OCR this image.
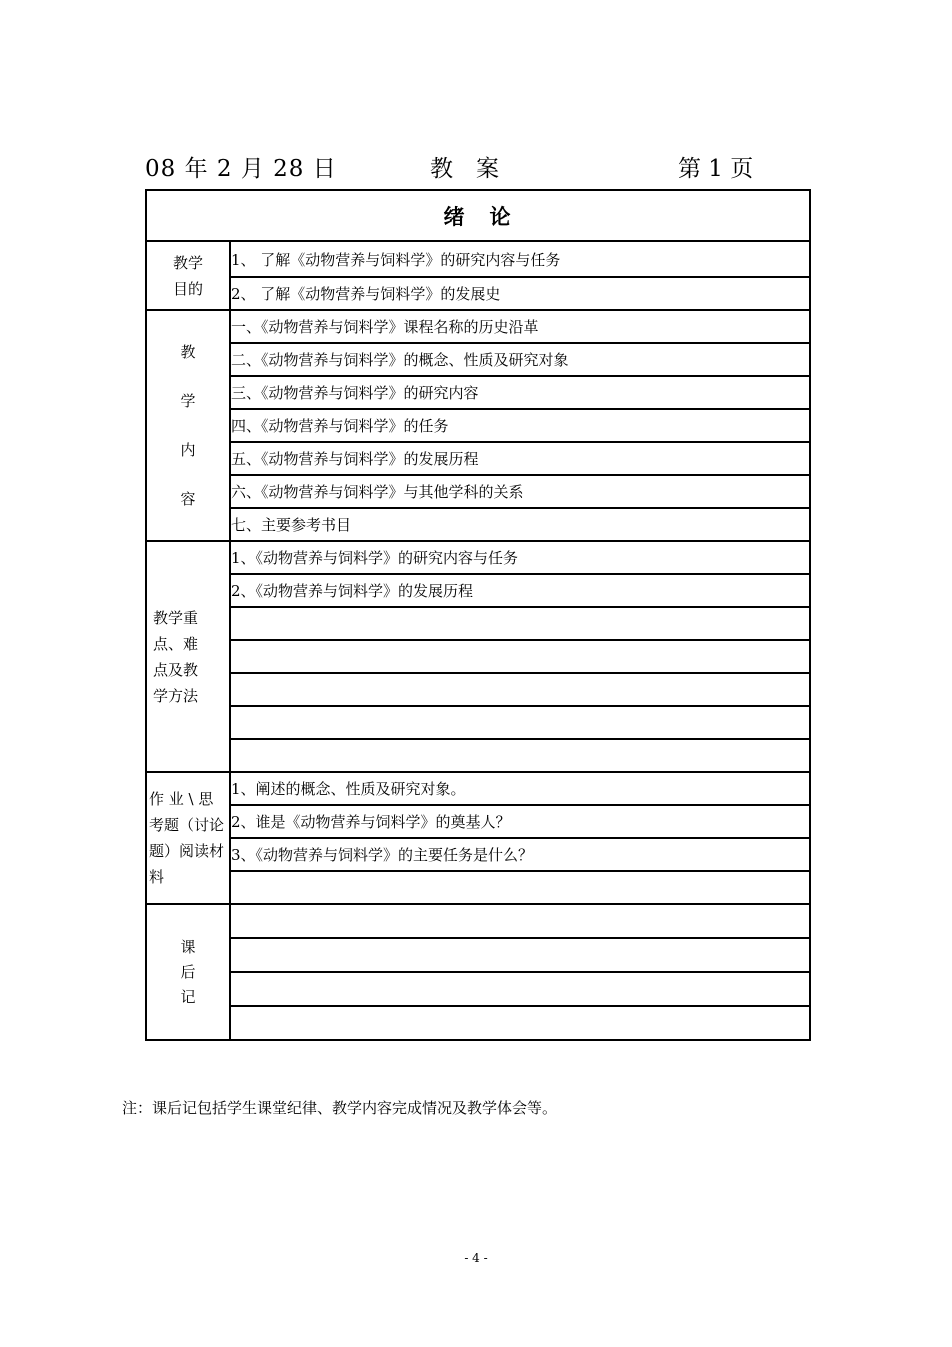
08 年 2 月 28 日	教　案	第 1 页
绪　论	

教学目的	1、 了解《动物营养与饲料学》的研究内容与任务
	2、 了解《动物营养与饲料学》的发展史

教
学
内
容	一、《动物营养与饲料学》课程名称的历史沿革
	二、《动物营养与饲料学》的概念、性质及研究对象
	三、《动物营养与饲料学》的研究内容
	四、《动物营养与饲料学》的任务
	五、《动物营养与饲料学》的发展历程
	六、《动物营养与饲料学》与其他学科的关系
	七、主要参考书目

教学重
点、难
点及教
学方法	1、《动物营养与饲料学》的研究内容与任务
	2、《动物营养与饲料学》的发展历程

作 业 \ 思
考题（讨论
题）阅读材
料	1、阐述的概念、性质及研究对象。
	2、谁是《动物营养与饲料学》的奠基人？
	3、《动物营养与饲料学》的主要任务是什么？

课
后
记	

注：课后记包括学生课堂纪律、教学内容完成情况及教学体会等。
- 4 -
